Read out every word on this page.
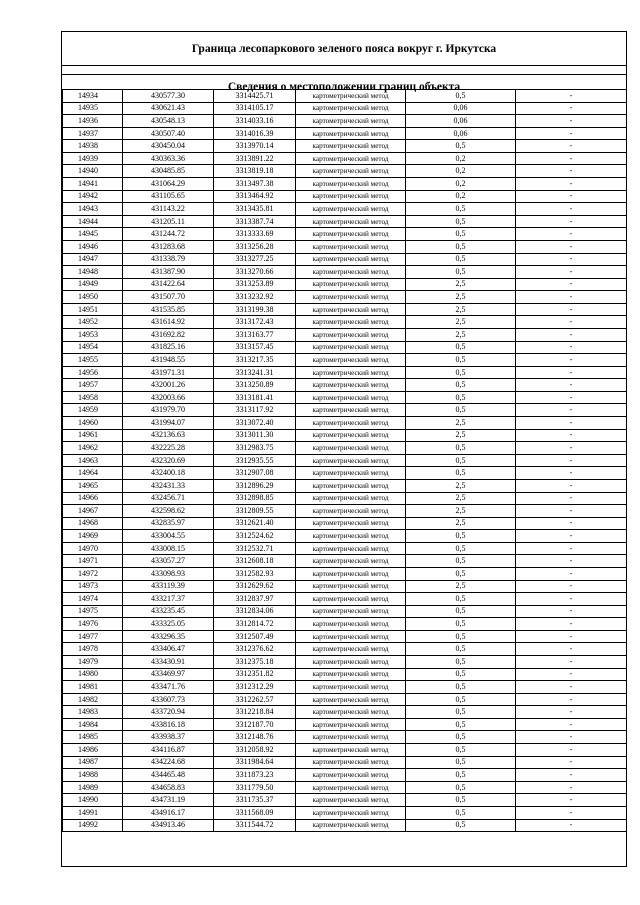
Граница лесопаркового зеленого пояса вокруг г. Иркутска
Сведения о местоположении границ объекта
14934	430577.30	3314425.71	картометрический метод	0,5	-
14935	430621.43	3314105.17	картометрический метод	0,06	-
14936	430548.13	3314033.16	картометрический метод	0,06	-
14937	430507.40	3314016.39	картометрический метод	0,06	-
14938	430450.04	3313970.14	картометрический метод	0,5	-
14939	430363.36	3313891.22	картометрический метод	0,2	-
14940	430485.85	3313819.18	картометрический метод	0,2	-
14941	431064.29	3313497.38	картометрический метод	0,2	-
14942	431105.65	3313464.92	картометрический метод	0,2	-
14943	431143.22	3313435.81	картометрический метод	0,5	-
14944	431205.11	3313387.74	картометрический метод	0,5	-
14945	431244.72	3313333.69	картометрический метод	0,5	-
14946	431283.68	3313256.28	картометрический метод	0,5	-
14947	431338.79	3313277.25	картометрический метод	0,5	-
14948	431387.90	3313270.66	картометрический метод	0,5	-
14949	431422.64	3313253.89	картометрический метод	2,5	-
14950	431507.70	3313232.92	картометрический метод	2,5	-
14951	431535.85	3313199.38	картометрический метод	2,5	-
14952	431614.92	3313172.43	картометрический метод	2,5	-
14953	431692.82	3313163.77	картометрический метод	2,5	-
14954	431825.16	3313157.45	картометрический метод	0,5	-
14955	431948.55	3313217.35	картометрический метод	0,5	-
14956	431971.31	3313241.31	картометрический метод	0,5	-
14957	432001.26	3313250.89	картометрический метод	0,5	-
14958	432003.66	3313181.41	картометрический метод	0,5	-
14959	431979.70	3313117.92	картометрический метод	0,5	-
14960	431994.07	3313072.40	картометрический метод	2,5	-
14961	432136.63	3313011.30	картометрический метод	2,5	-
14962	432225.28	3312983.75	картометрический метод	0,5	-
14963	432320.69	3312935.55	картометрический метод	0,5	-
14964	432400.18	3312907.08	картометрический метод	0,5	-
14965	432431.33	3312896.29	картометрический метод	2,5	-
14966	432456.71	3312898.85	картометрический метод	2,5	-
14967	432598.62	3312809.55	картометрический метод	2,5	-
14968	432835.97	3312621.40	картометрический метод	2,5	-
14969	433004.55	3312524.62	картометрический метод	0,5	-
14970	433008.15	3312532.71	картометрический метод	0,5	-
14971	433057.27	3312608.18	картометрический метод	0,5	-
14972	433098.93	3312582.93	картометрический метод	0,5	-
14973	433119.39	3312629.62	картометрический метод	2,5	-
14974	433217.37	3312837.97	картометрический метод	0,5	-
14975	433235.45	3312834.06	картометрический метод	0,5	-
14976	433325.05	3312814.72	картометрический метод	0,5	-
14977	433296.35	3312507.49	картометрический метод	0,5	-
14978	433406.47	3312376.62	картометрический метод	0,5	-
14979	433430.91	3312375.18	картометрический метод	0,5	-
14980	433469.97	3312351.82	картометрический метод	0,5	-
14981	433471.76	3312312.29	картометрический метод	0,5	-
14982	433607.73	3312262.57	картометрический метод	0,5	-
14983	433720.94	3312218.84	картометрический метод	0,5	-
14984	433816.18	3312187.70	картометрический метод	0,5	-
14985	433938.37	3312148.76	картометрический метод	0,5	-
14986	434116.87	3312058.92	картометрический метод	0,5	-
14987	434224.68	3311984.64	картометрический метод	0,5	-
14988	434465.48	3311873.23	картометрический метод	0,5	-
14989	434658.83	3311779.50	картометрический метод	0,5	-
14990	434731.19	3311735.37	картометрический метод	0,5	-
14991	434916.17	3311568.09	картометрический метод	0,5	-
14992	434913.46	3311544.72	картометрический метод	0,5	-
